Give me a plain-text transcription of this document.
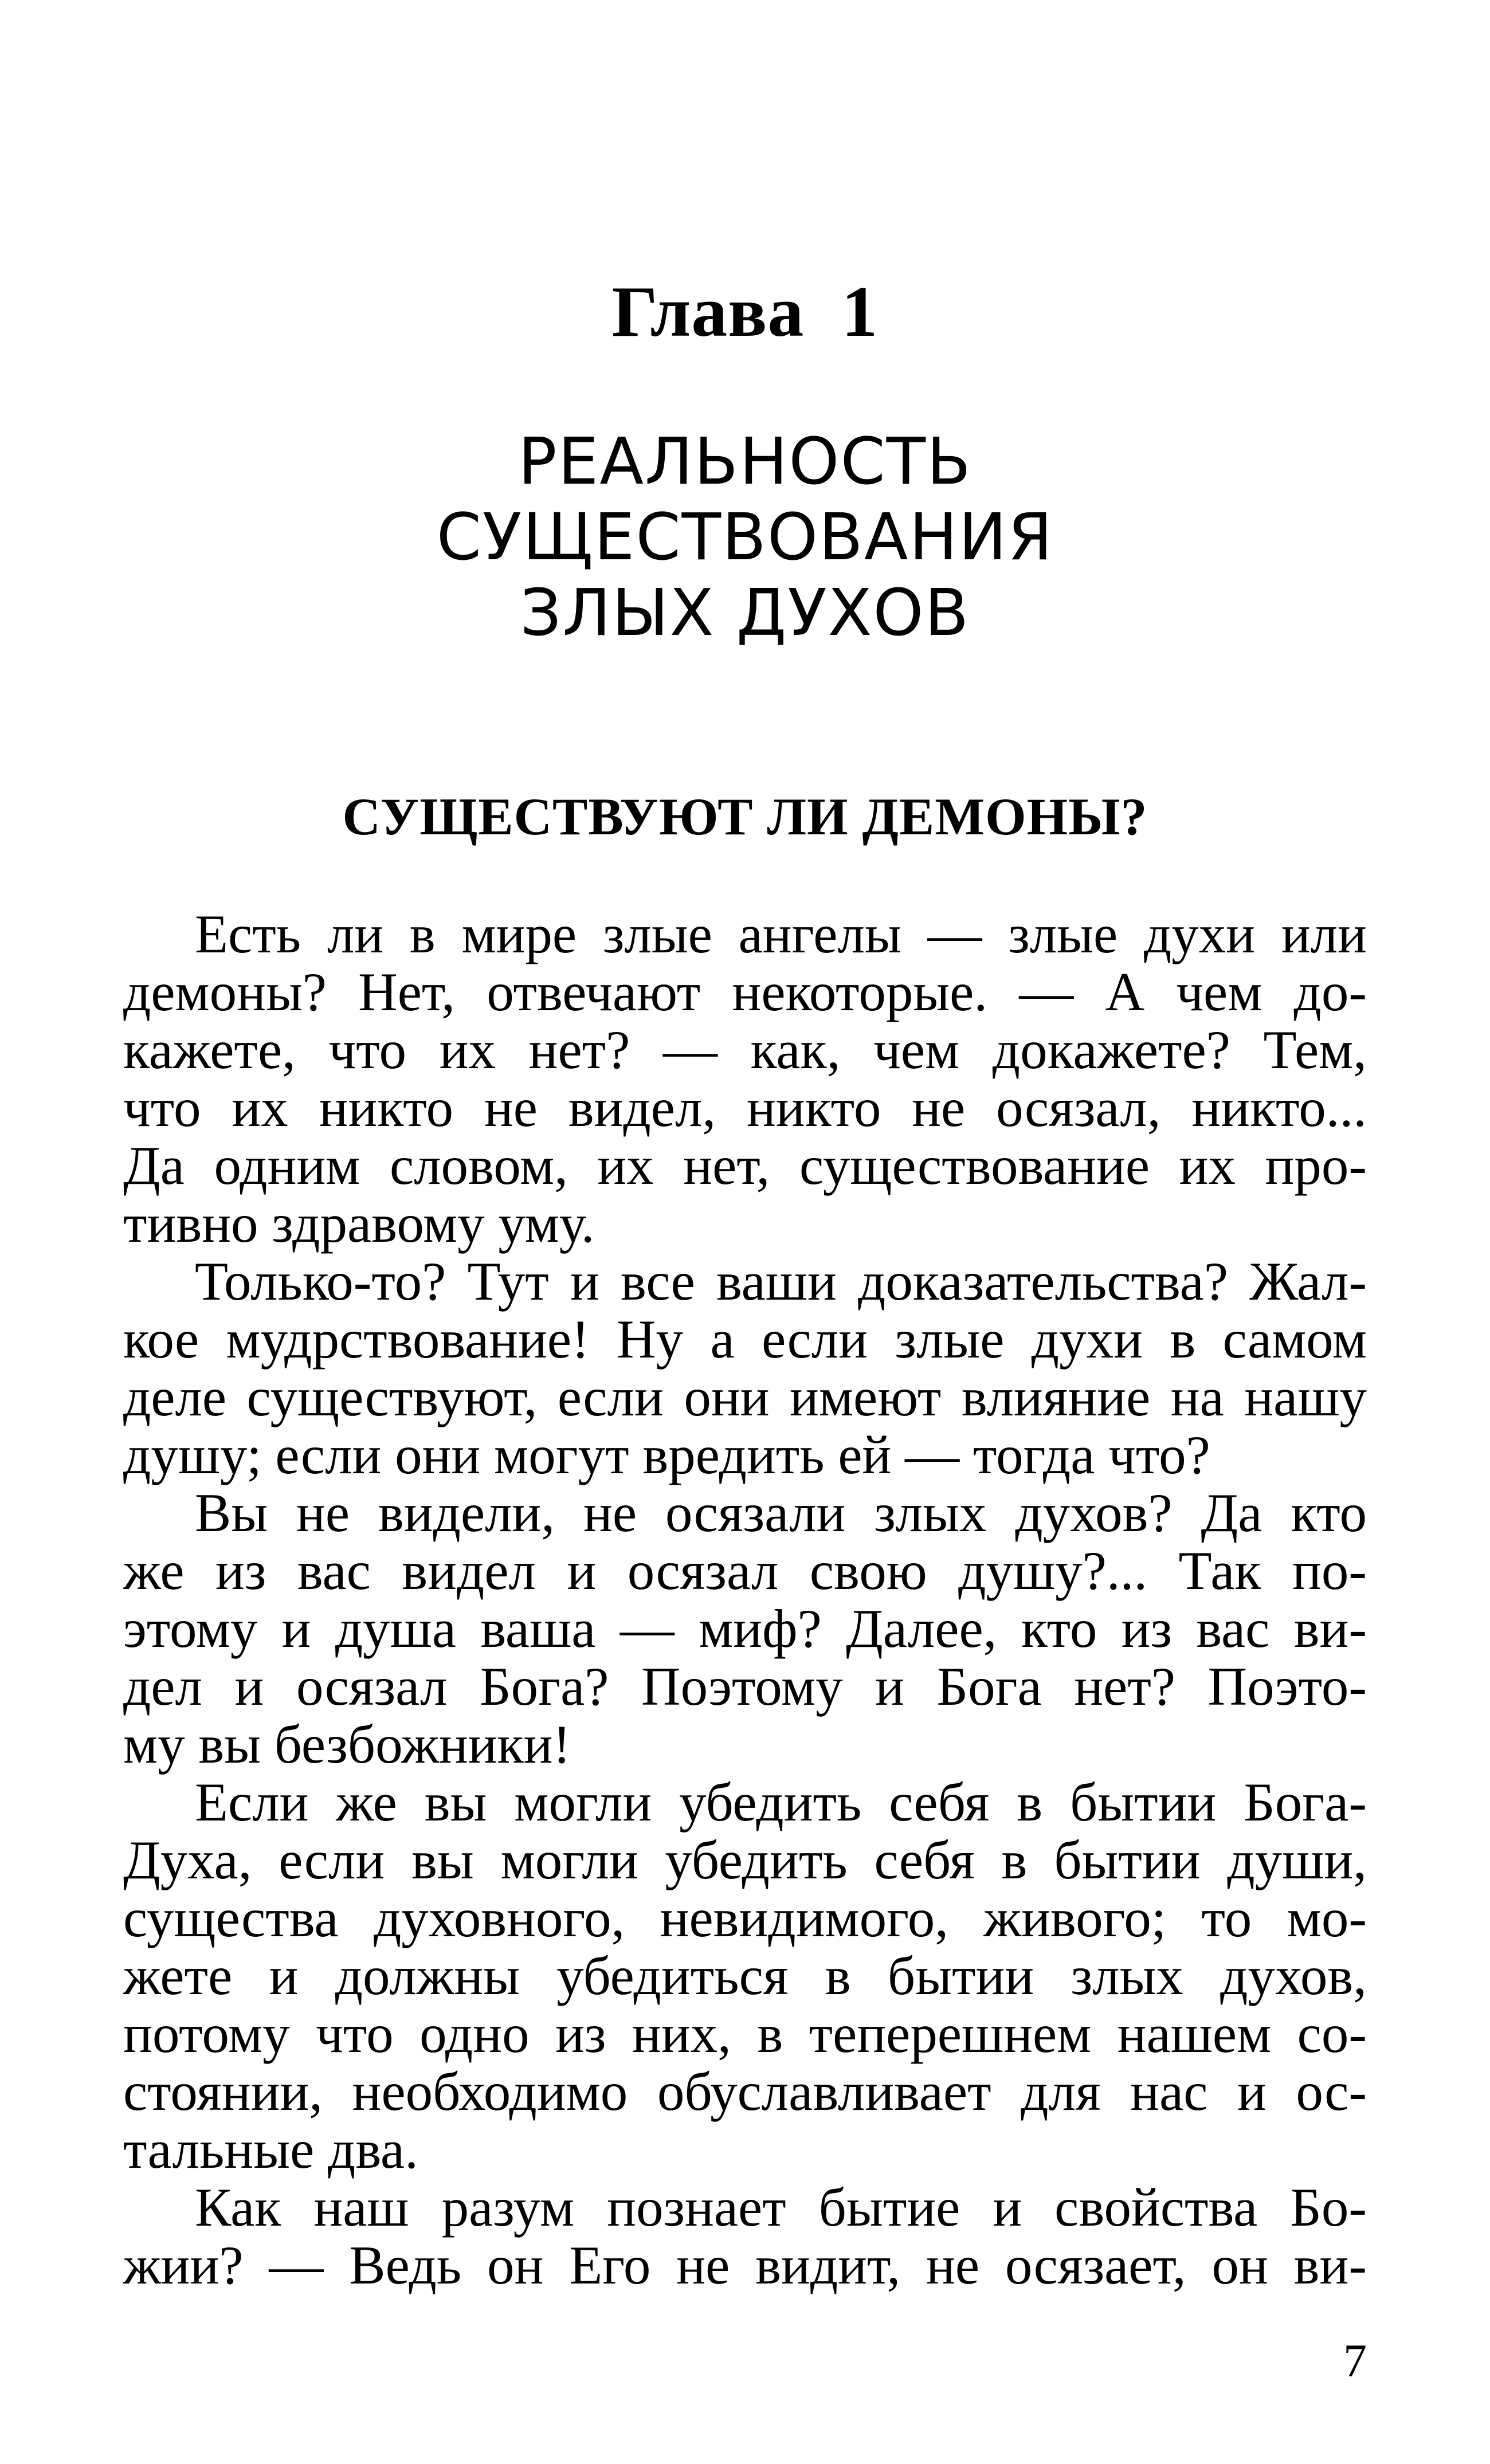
Глава  1
РЕАЛЬНОСТЬ
СУЩЕСТВОВАНИЯ
ЗЛЫХ ДУХОВ
СУЩЕСТВУЮТ ЛИ ДЕМОНЫ?
Есть ли в мире злые ангелы — злые духи или
демоны? Нет, отвечают некоторые. — А чем до-
кажете, что их нет? — как, чем докажете? Тем,
что их никто не видел, никто не осязал, никто...
Да одним словом, их нет, существование их про-
тивно здравому уму.
Только-то? Тут и все ваши доказательства? Жал-
кое мудрствование! Ну а если злые духи в самом
деле существуют, если они имеют влияние на нашу
душу; если они могут вредить ей — тогда что?
Вы не видели, не осязали злых духов? Да кто
же из вас видел и осязал свою душу?... Так по-
этому и душа ваша — миф? Далее, кто из вас ви-
дел и осязал Бога? Поэтому и Бога нет? Поэто-
му вы безбожники!
Если же вы могли убедить себя в бытии Бога-
Духа, если вы могли убедить себя в бытии души,
существа духовного, невидимого, живого; то мо-
жете и должны убедиться в бытии злых духов,
потому что одно из них, в теперешнем нашем со-
стоянии, необходимо обуславливает для нас и ос-
тальные два.
Как наш разум познает бытие и свойства Бо-
жии? — Ведь он Его не видит, не осязает, он ви-
7
